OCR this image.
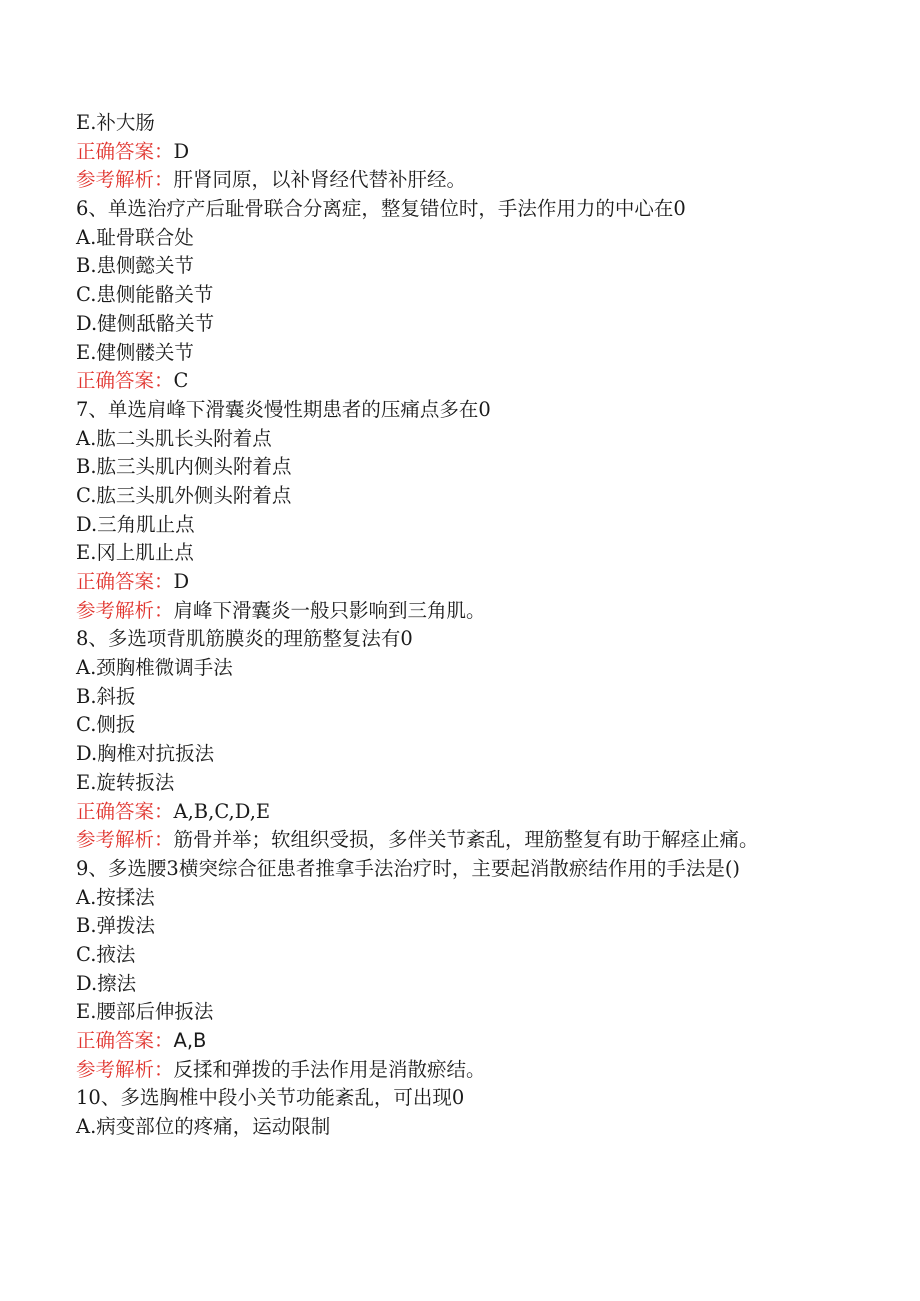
E.补大肠
正确答案：D
参考解析：肝肾同原，以补肾经代替补肝经。
6、单选治疗产后耻骨联合分离症，整复错位时，手法作用力的中心在0
A.耻骨联合处
B.患侧懿关节
C.患侧能骼关节
D.健侧舐骼关节
E.健侧髅关节
正确答案：C
7、单选肩峰下滑囊炎慢性期患者的压痛点多在0
A.肱二头肌长头附着点
B.肱三头肌内侧头附着点
C.肱三头肌外侧头附着点
D.三角肌止点
E.冈上肌止点
正确答案：D
参考解析：肩峰下滑囊炎一般只影响到三角肌。
8、多选项背肌筋膜炎的理筋整复法有0
A.颈胸椎微调手法
B.斜扳
C.侧扳
D.胸椎对抗扳法
E.旋转扳法
正确答案：A,B,C,D,E
参考解析：筋骨并举；软组织受损，多伴关节紊乱，理筋整复有助于解痉止痛。
9、多选腰3横突综合征患者推拿手法治疗时，主要起消散瘀结作用的手法是()
A.按揉法
B.弹拨法
C.掖法
D.擦法
E.腰部后伸扳法
正确答案：A,B
参考解析：反揉和弹拨的手法作用是消散瘀结。
10、多选胸椎中段小关节功能紊乱，可出现0
A.病变部位的疼痛，运动限制
